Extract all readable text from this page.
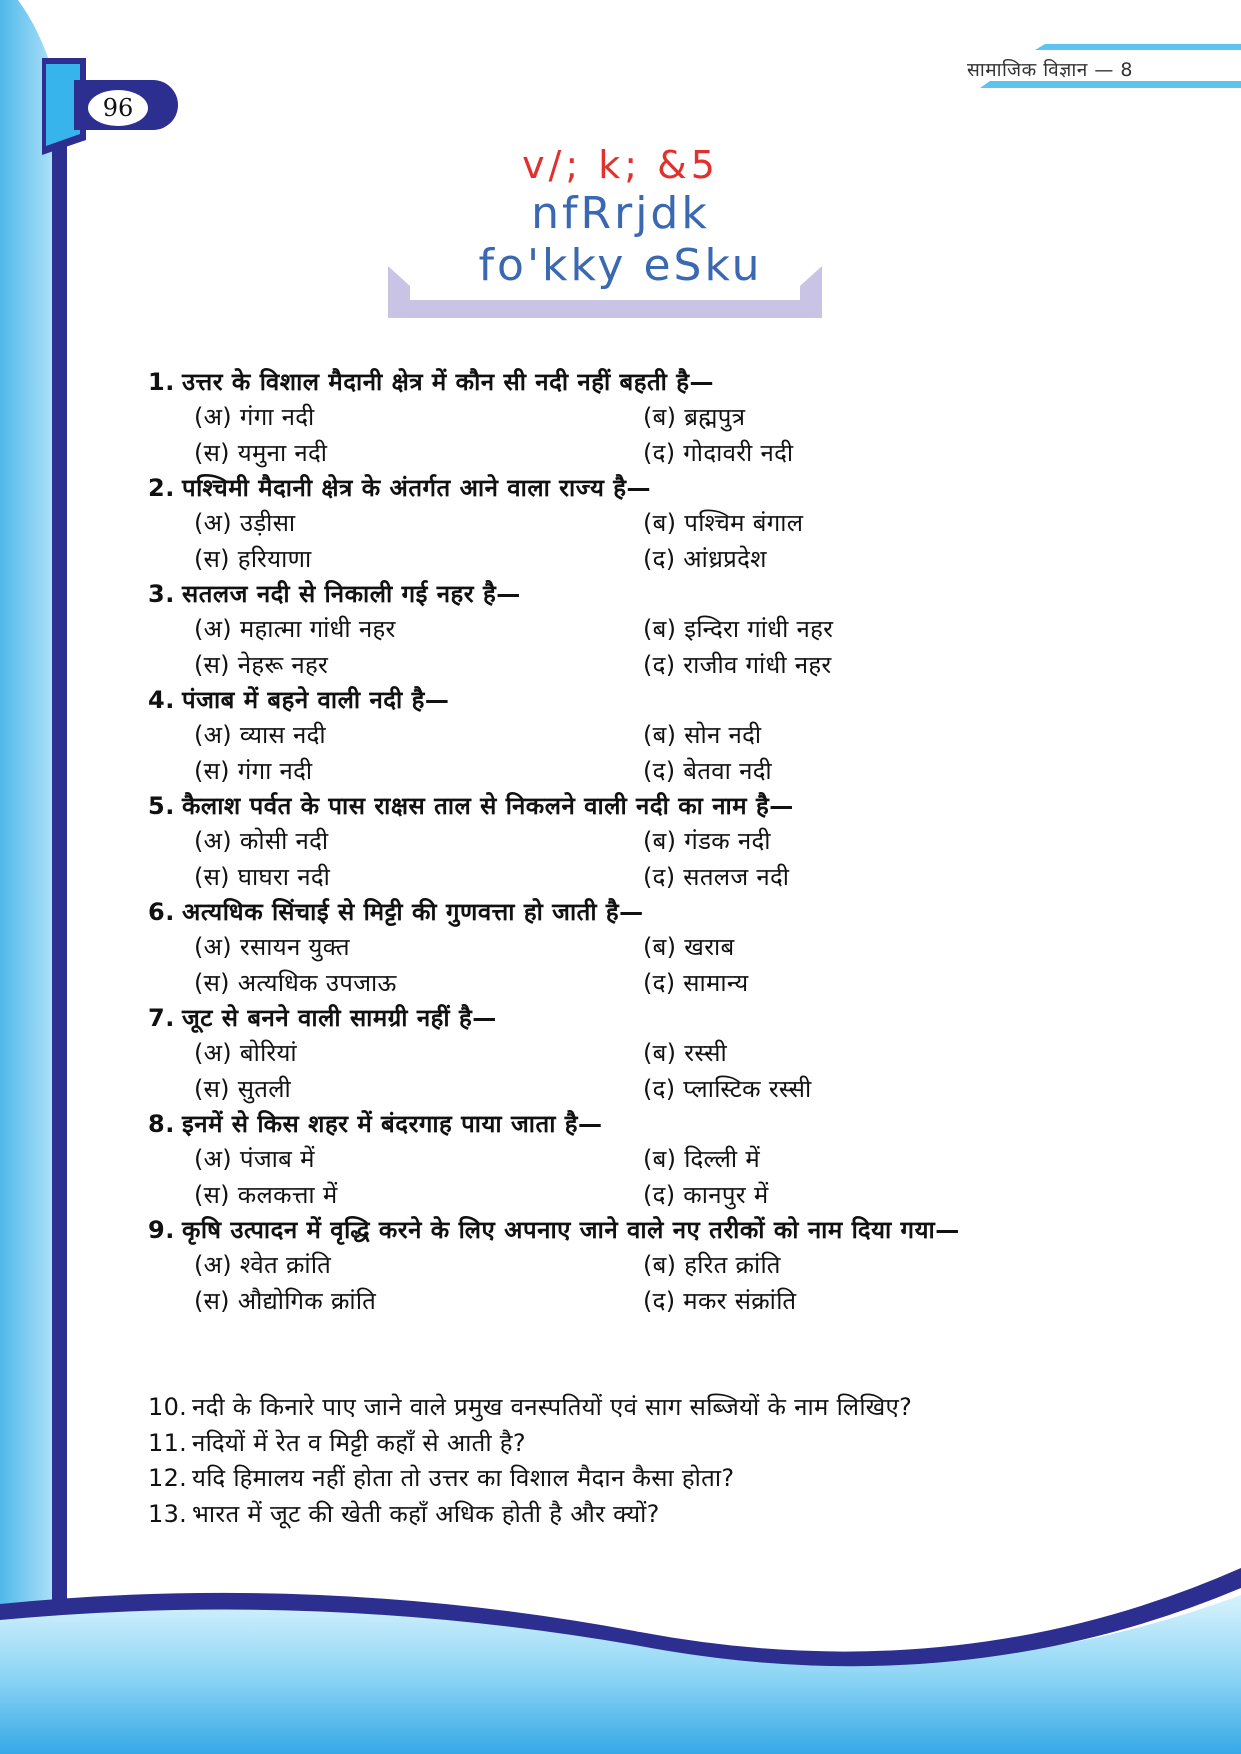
96
सामाजिक विज्ञान — 8
v/; k; &5
nfRrjdk
fo'kky eSku
1. उत्तर के विशाल मैदानी क्षेत्र में कौन सी नदी नहीं बहती है—
(अ) गंगा नदी	(ब) ब्रह्मपुत्र
(स) यमुना नदी	(द) गोदावरी नदी
2. पश्चिमी मैदानी क्षेत्र के अंतर्गत आने वाला राज्य है—
(अ) उड़ीसा	(ब) पश्चिम बंगाल
(स) हरियाणा	(द) आंध्रप्रदेश
3. सतलज नदी से निकाली गई नहर है—
(अ) महात्मा गांधी नहर	(ब) इन्दिरा गांधी नहर
(स) नेहरू नहर	(द) राजीव गांधी नहर
4. पंजाब में बहने वाली नदी है—
(अ) व्यास नदी	(ब) सोन नदी
(स) गंगा नदी	(द) बेतवा नदी
5. कैलाश पर्वत के पास राक्षस ताल से निकलने वाली नदी का नाम है—
(अ) कोसी नदी	(ब) गंडक नदी
(स) घाघरा नदी	(द) सतलज नदी
6. अत्यधिक सिंचाई से मिट्टी की गुणवत्ता हो जाती है—
(अ) रसायन युक्त	(ब) खराब
(स) अत्यधिक उपजाऊ	(द) सामान्य
7. जूट से बनने वाली सामग्री नहीं है—
(अ) बोरियां	(ब) रस्सी
(स) सुतली	(द) प्लास्टिक रस्सी
8. इनमें से किस शहर में बंदरगाह पाया जाता है—
(अ) पंजाब में	(ब) दिल्ली में
(स) कलकत्ता में	(द) कानपुर में
9. कृषि उत्पादन में वृद्धि करने के लिए अपनाए जाने वाले नए तरीकों को नाम दिया गया—
(अ) श्वेत क्रांति	(ब) हरित क्रांति
(स) औद्योगिक क्रांति	(द) मकर संक्रांति
10. नदी के किनारे पाए जाने वाले प्रमुख वनस्पतियों एवं साग सब्जियों के नाम लिखिए?
11. नदियों में रेत व मिट्टी कहाँ से आती है?
12. यदि हिमालय नहीं होता तो उत्तर का विशाल मैदान कैसा होता?
13. भारत में जूट की खेती कहाँ अधिक होती है और क्यों?
